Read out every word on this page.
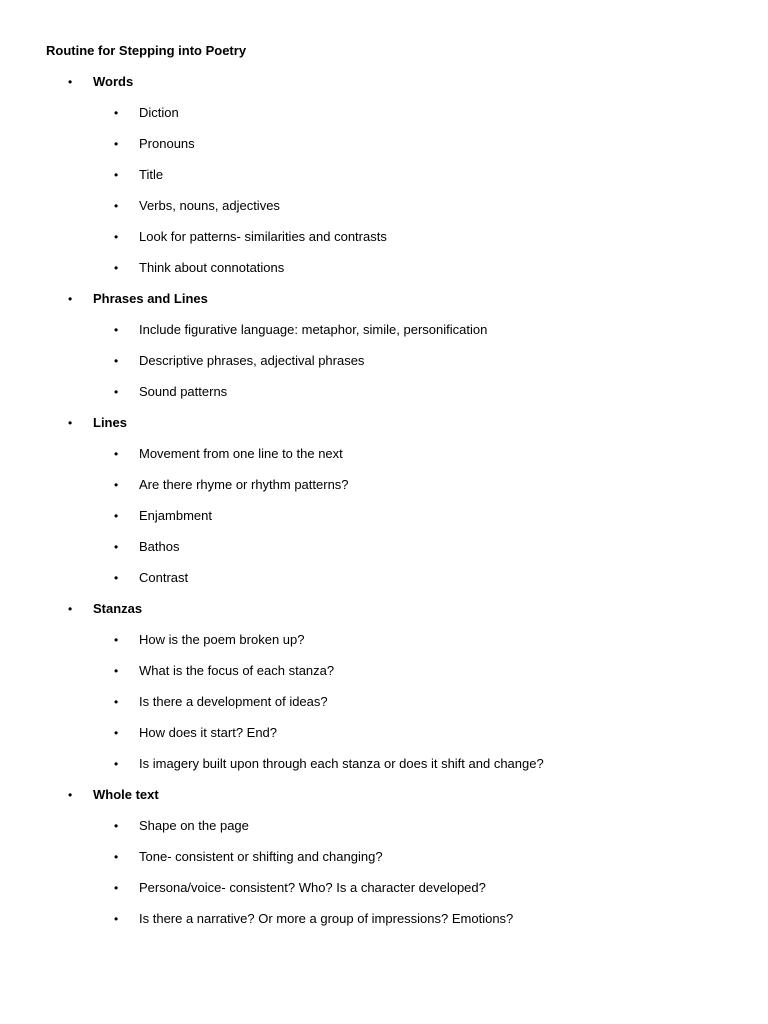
Routine for Stepping into Poetry
• Words
• Diction
• Pronouns
• Title
• Verbs, nouns, adjectives
• Look for patterns- similarities and contrasts
• Think about connotations
• Phrases and Lines
• Include figurative language: metaphor, simile, personification
• Descriptive phrases, adjectival phrases
• Sound patterns
• Lines
• Movement from one line to the next
• Are there rhyme or rhythm patterns?
• Enjambment
• Bathos
• Contrast
• Stanzas
• How is the poem broken up?
• What is the focus of each stanza?
• Is there a development of ideas?
• How does it start? End?
• Is imagery built upon through each stanza or does it shift and change?
• Whole text
• Shape on the page
• Tone- consistent or shifting and changing?
• Persona/voice- consistent? Who? Is a character developed?
• Is there a narrative? Or more a group of impressions? Emotions?
